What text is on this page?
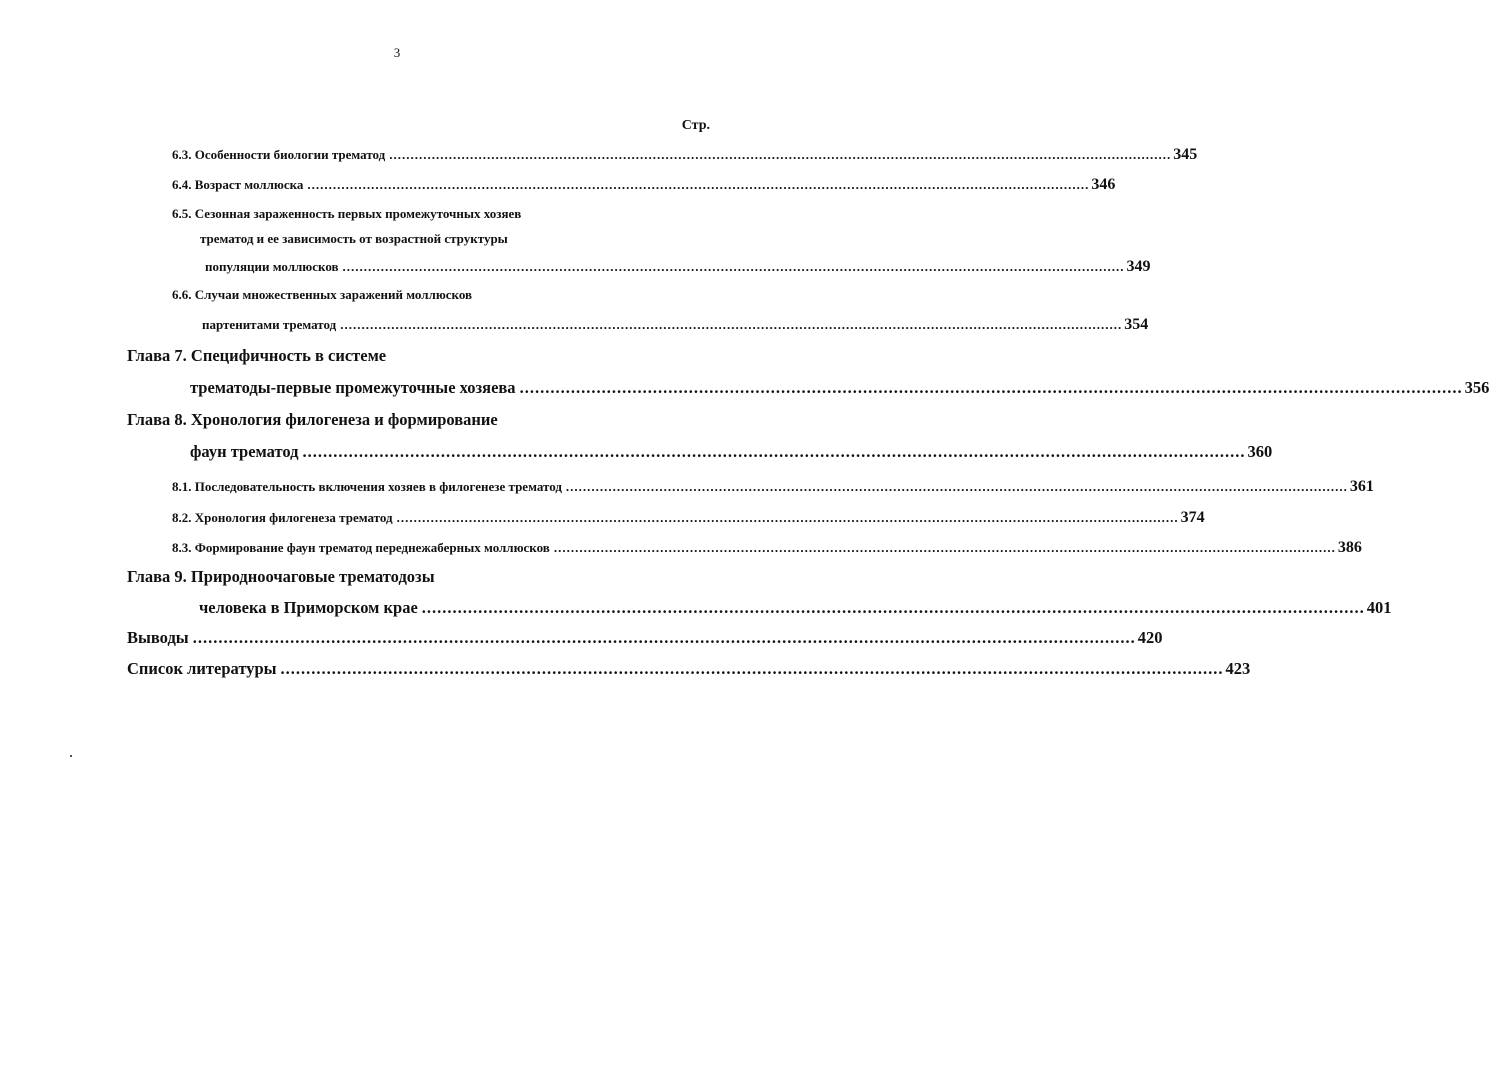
3
Стр.
6.3. Особенности биологии трематод ........................................................................................................................................................................................ 345
6.4. Возраст моллюска ........................................................................................................................................................................................ 346
6.5. Сезонная зараженность первых промежуточных хозяев
трематод и ее зависимость от возрастной структуры
популяции моллюсков ........................................................................................................................................................................................ 349
6.6. Случаи множественных заражений моллюсков
партенитами трематод ........................................................................................................................................................................................ 354
Глава 7. Специфичность в системе
трематоды-первые промежуточные хозяева ........................................................................................................................................................................................ 356
Глава 8. Хронология филогенеза и формирование
фаун трематод ........................................................................................................................................................................................ 360
8.1. Последовательность включения хозяев в филогенезе трематод ........................................................................................................................................................................................ 361
8.2. Хронология филогенеза трематод ........................................................................................................................................................................................ 374
8.3. Формирование фаун трематод переднежаберных моллюсков ........................................................................................................................................................................................ 386
Глава 9. Природноочаговые трематодозы
человека в Приморском крае ........................................................................................................................................................................................ 401
Выводы ........................................................................................................................................................................................ 420
Список литературы ........................................................................................................................................................................................ 423
